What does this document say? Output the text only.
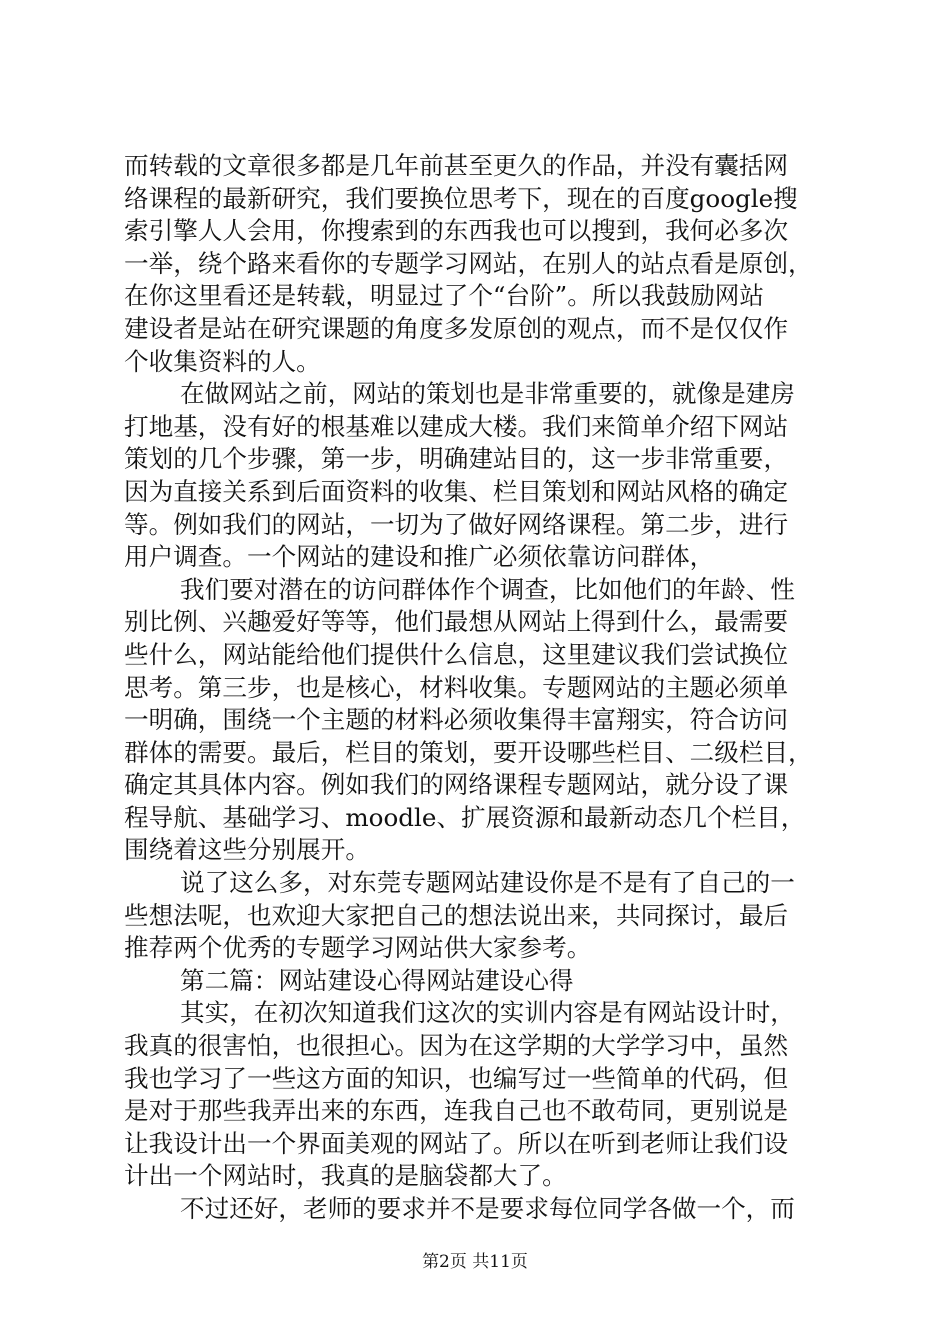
而转载的文章很多都是几年前甚至更久的作品，并没有囊括网
络课程的最新研究，我们要换位思考下，现在的百度google搜
索引擎人人会用，你搜索到的东西我也可以搜到，我何必多次
一举，绕个路来看你的专题学习网站，在别人的站点看是原创，
在你这里看还是转载，明显过了个“台阶”。所以我鼓励网站
建设者是站在研究课题的角度多发原创的观点，而不是仅仅作
个收集资料的人。
在做网站之前，网站的策划也是非常重要的，就像是建房
打地基，没有好的根基难以建成大楼。我们来简单介绍下网站
策划的几个步骤，第一步，明确建站目的，这一步非常重要，
因为直接关系到后面资料的收集、栏目策划和网站风格的确定
等。例如我们的网站，一切为了做好网络课程。第二步，进行
用户调查。一个网站的建设和推广必须依靠访问群体，
我们要对潜在的访问群体作个调查，比如他们的年龄、性
别比例、兴趣爱好等等，他们最想从网站上得到什么，最需要
些什么，网站能给他们提供什么信息，这里建议我们尝试换位
思考。第三步，也是核心，材料收集。专题网站的主题必须单
一明确，围绕一个主题的材料必须收集得丰富翔实，符合访问
群体的需要。最后，栏目的策划，要开设哪些栏目、二级栏目，
确定其具体内容。例如我们的网络课程专题网站，就分设了课
程导航、基础学习、moodle、扩展资源和最新动态几个栏目，
围绕着这些分别展开。
说了这么多，对东莞专题网站建设你是不是有了自己的一
些想法呢，也欢迎大家把自己的想法说出来，共同探讨，最后
推荐两个优秀的专题学习网站供大家参考。
第二篇：网站建设心得网站建设心得
其实，在初次知道我们这次的实训内容是有网站设计时，
我真的很害怕，也很担心。因为在这学期的大学学习中，虽然
我也学习了一些这方面的知识，也编写过一些简单的代码，但
是对于那些我弄出来的东西，连我自己也不敢苟同，更别说是
让我设计出一个界面美观的网站了。所以在听到老师让我们设
计出一个网站时，我真的是脑袋都大了。
不过还好，老师的要求并不是要求每位同学各做一个，而
第2页 共11页
